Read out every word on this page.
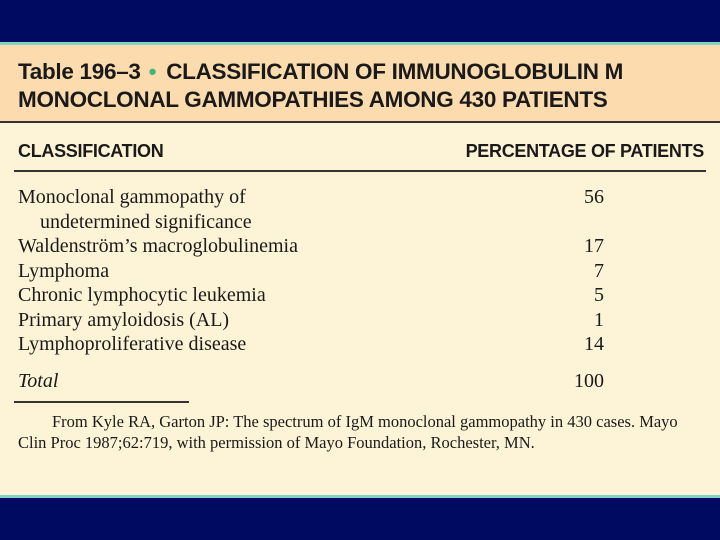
Table 196–3 • CLASSIFICATION OF IMMUNOGLOBULIN M
MONOCLONAL GAMMOPATHIES AMONG 430 PATIENTS
CLASSIFICATION	PERCENTAGE OF PATIENTS
Monoclonal gammopathy of	56
undetermined significance
Waldenström’s macroglobulinemia	17
Lymphoma	7
Chronic lymphocytic leukemia	5
Primary amyloidosis (AL)	1
Lymphoproliferative disease	14
Total	100
From Kyle RA, Garton JP: The spectrum of IgM monoclonal gammopathy in 430 cases. Mayo Clin Proc 1987;62:719, with permission of Mayo Foundation, Rochester, MN.
